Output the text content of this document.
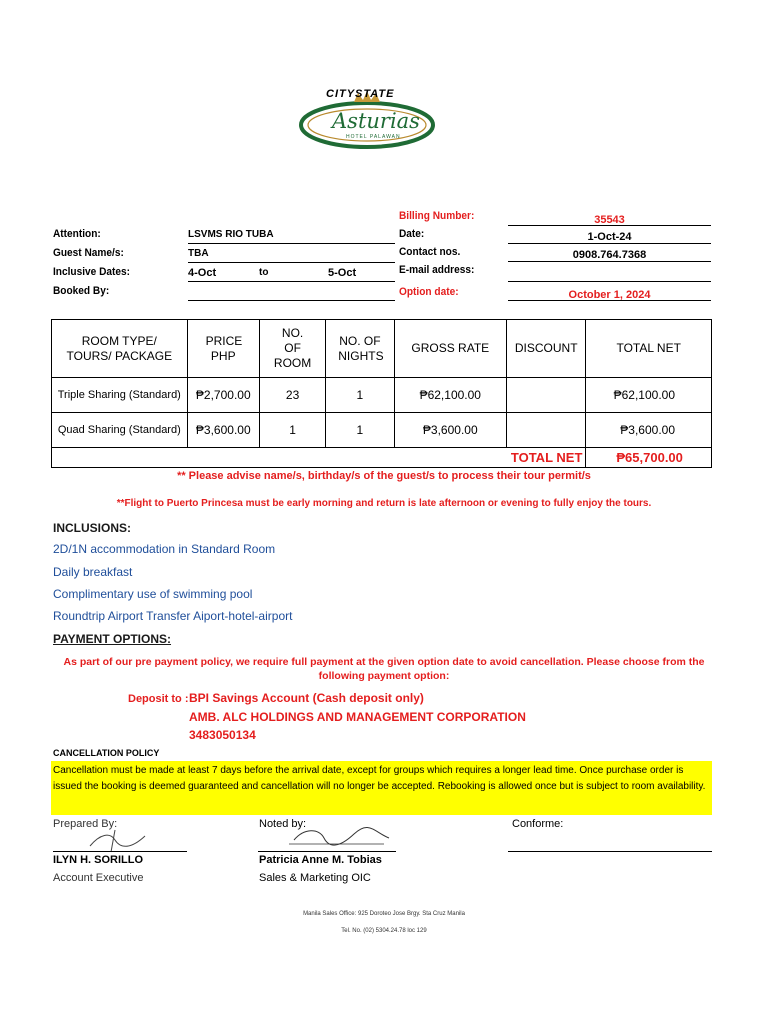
CITYSTATE
Asturias
HOTEL PALAWAN
Attention:	LSVMS RIO TUBA
Guest Name/s:	TBA
Inclusive Dates:	4-Oct	to	5-Oct
Booked By:
Billing Number:	35543
Date:	1-Oct-24
Contact nos.	0908.764.7368
E-mail address:
Option date:	October 1, 2024
ROOM TYPE/ TOURS/ PACKAGE	PRICE PHP	NO. OF ROOM	NO. OF NIGHTS	GROSS RATE	DISCOUNT	TOTAL NET
Triple Sharing (Standard)	₱2,700.00	23	1	₱62,100.00		₱62,100.00
Quad Sharing (Standard)	₱3,600.00	1	1	₱3,600.00		₱3,600.00
					TOTAL NET	₱65,700.00
** Please advise name/s, birthday/s of the guest/s to process their tour permit/s
**Flight to Puerto Princesa must be early morning and return is late afternoon or evening to fully enjoy the tours.
INCLUSIONS:
2D/1N accommodation in Standard Room
Daily breakfast
Complimentary use of swimming pool
Roundtrip Airport Transfer Aiport-hotel-airport
PAYMENT OPTIONS:
As part of our pre payment policy, we require full payment at the given option date to avoid cancellation. Please choose from the following payment option:
Deposit to : BPI Savings Account (Cash deposit only)
AMB. ALC HOLDINGS AND MANAGEMENT CORPORATION
3483050134
CANCELLATION POLICY
Cancellation must be made at least 7 days before the arrival date, except for groups which requires a longer lead time. Once purchase order is issued the booking is deemed guaranteed and cancellation will no longer be accepted. Rebooking is allowed once but is subject to room availability.
Prepared By:
ILYN H. SORILLO
Account Executive
Noted by:
Patricia Anne M. Tobias
Sales & Marketing OIC
Conforme:
Manila Sales Office: 925 Doroteo Jose Brgy. Sta Cruz Manila
Tel. No. (02) 5304.24.78 loc 129
